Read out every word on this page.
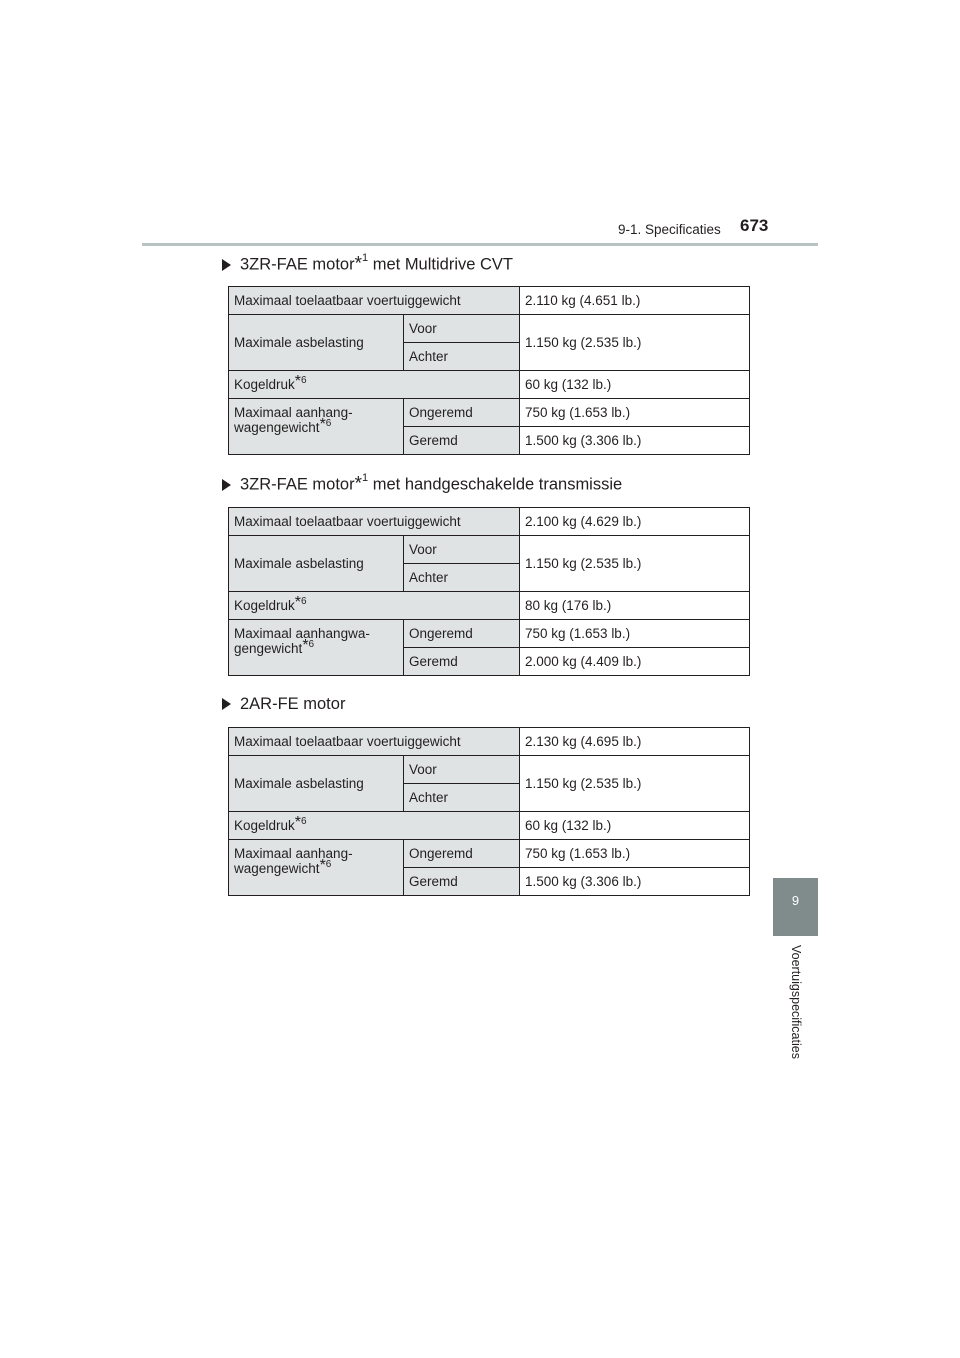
9-1. Specificaties 673
9
Voertuigspecificaties
3ZR-FAE motor*$^1$ met Multidrive CVT
Maximaal toelaatbaar voertuiggewicht		2.110 kg (4.651 lb.)
Maximale asbelasting	Voor	1.150 kg (2.535 lb.)
	Achter	
Kogeldruk*$^6$		60 kg (132 lb.)
Maximaal aanhang-
wagengewicht*$^6$	Ongeremd	750 kg (1.653 lb.)
	Geremd	1.500 kg (3.306 lb.)
3ZR-FAE motor*$^1$ met handgeschakelde transmissie
Maximaal toelaatbaar voertuiggewicht		2.100 kg (4.629 lb.)
Maximale asbelasting	Voor	1.150 kg (2.535 lb.)
	Achter	
Kogeldruk*$^6$		80 kg (176 lb.)
Maximaal aanhangwa-
gengewicht*$^6$	Ongeremd	750 kg (1.653 lb.)
	Geremd	2.000 kg (4.409 lb.)
2AR-FE motor
Maximaal toelaatbaar voertuiggewicht		2.130 kg (4.695 lb.)
Maximale asbelasting	Voor	1.150 kg (2.535 lb.)
	Achter	
Kogeldruk*$^6$		60 kg (132 lb.)
Maximaal aanhang-
wagengewicht*$^6$	Ongeremd	750 kg (1.653 lb.)
	Geremd	1.500 kg (3.306 lb.)
